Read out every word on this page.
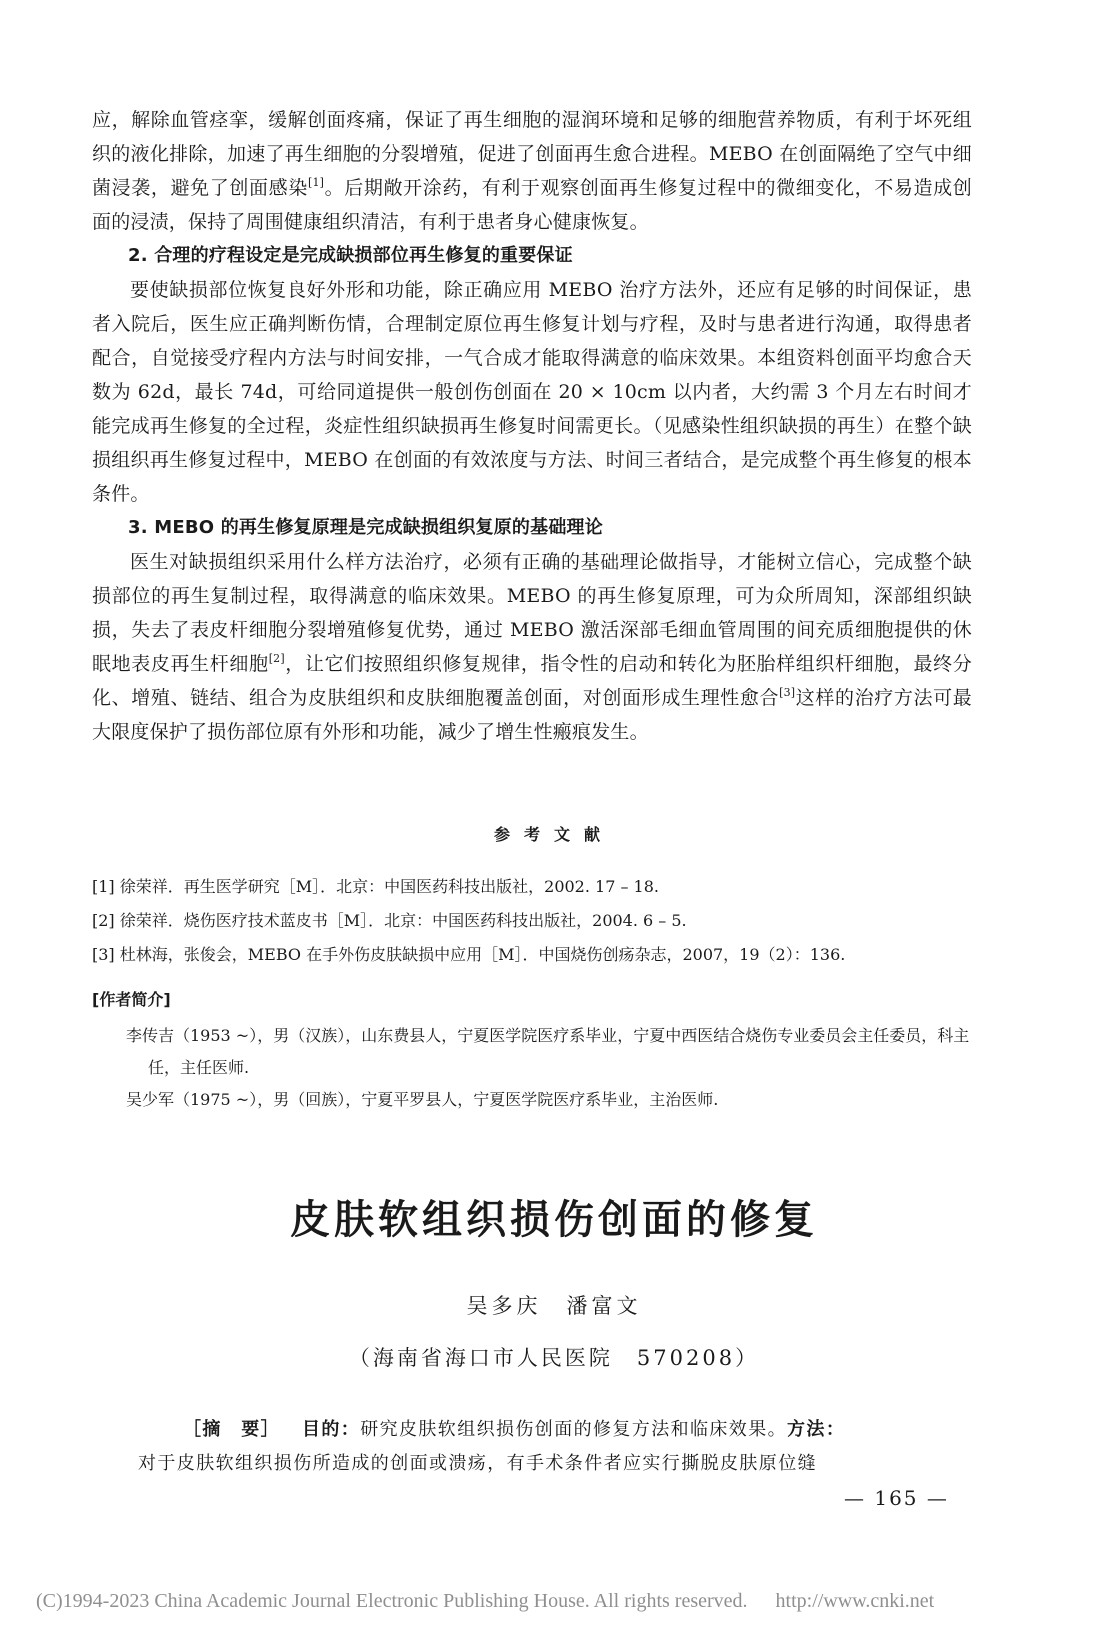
应，解除血管痉挛，缓解创面疼痛，保证了再生细胞的湿润环境和足够的细胞营养物质，有利于坏死组织的液化排除，加速了再生细胞的分裂增殖，促进了创面再生愈合进程。MEBO 在创面隔绝了空气中细菌浸袭，避免了创面感染[1]。后期敞开涂药，有利于观察创面再生修复过程中的微细变化，不易造成创面的浸渍，保持了周围健康组织清洁，有利于患者身心健康恢复。

2. 合理的疗程设定是完成缺损部位再生修复的重要保证

要使缺损部位恢复良好外形和功能，除正确应用 MEBO 治疗方法外，还应有足够的时间保证，患者入院后，医生应正确判断伤情，合理制定原位再生修复计划与疗程，及时与患者进行沟通，取得患者配合，自觉接受疗程内方法与时间安排，一气合成才能取得满意的临床效果。本组资料创面平均愈合天数为 62d，最长 74d，可给同道提供一般创伤创面在 20 × 10cm 以内者，大约需 3 个月左右时间才能完成再生修复的全过程，炎症性组织缺损再生修复时间需更长。（见感染性组织缺损的再生）在整个缺损组织再生修复过程中，MEBO 在创面的有效浓度与方法、时间三者结合，是完成整个再生修复的根本条件。

3. MEBO 的再生修复原理是完成缺损组织复原的基础理论

医生对缺损组织采用什么样方法治疗，必须有正确的基础理论做指导，才能树立信心，完成整个缺损部位的再生复制过程，取得满意的临床效果。MEBO 的再生修复原理，可为众所周知，深部组织缺损，失去了表皮杆细胞分裂增殖修复优势，通过 MEBO 激活深部毛细血管周围的间充质细胞提供的休眠地表皮再生杆细胞[2]，让它们按照组织修复规律，指令性的启动和转化为胚胎样组织杆细胞，最终分化、增殖、链结、组合为皮肤组织和皮肤细胞覆盖创面，对创面形成生理性愈合[3]这样的治疗方法可最大限度保护了损伤部位原有外形和功能，减少了增生性瘢痕发生。

参考文献

[1] 徐荣祥．再生医学研究［M］．北京：中国医药科技出版社，2002. 17 – 18.

[2] 徐荣祥．烧伤医疗技术蓝皮书［M］．北京：中国医药科技出版社，2004. 6 – 5.

[3] 杜林海，张俊会，MEBO 在手外伤皮肤缺损中应用［M］．中国烧伤创疡杂志，2007，19（2）：136.

[作者简介]

李传吉（1953 ~），男（汉族），山东费县人，宁夏医学院医疗系毕业，宁夏中西医结合烧伤专业委员会主任委员，科主任，主任医师.

吴少军（1975 ~），男（回族），宁夏平罗县人，宁夏医学院医疗系毕业，主治医师.

皮肤软组织损伤创面的修复
吴多庆　潘富文
（海南省海口市人民医院　570208）

［摘　要］ 目的：研究皮肤软组织损伤创面的修复方法和临床效果。方法：

对于皮肤软组织损伤所造成的创面或溃疡，有手术条件者应实行撕脱皮肤原位缝

— 165 —
(C)1994-2023 China Academic Journal Electronic Publishing House. All rights reserved. http://www.cnki.net
